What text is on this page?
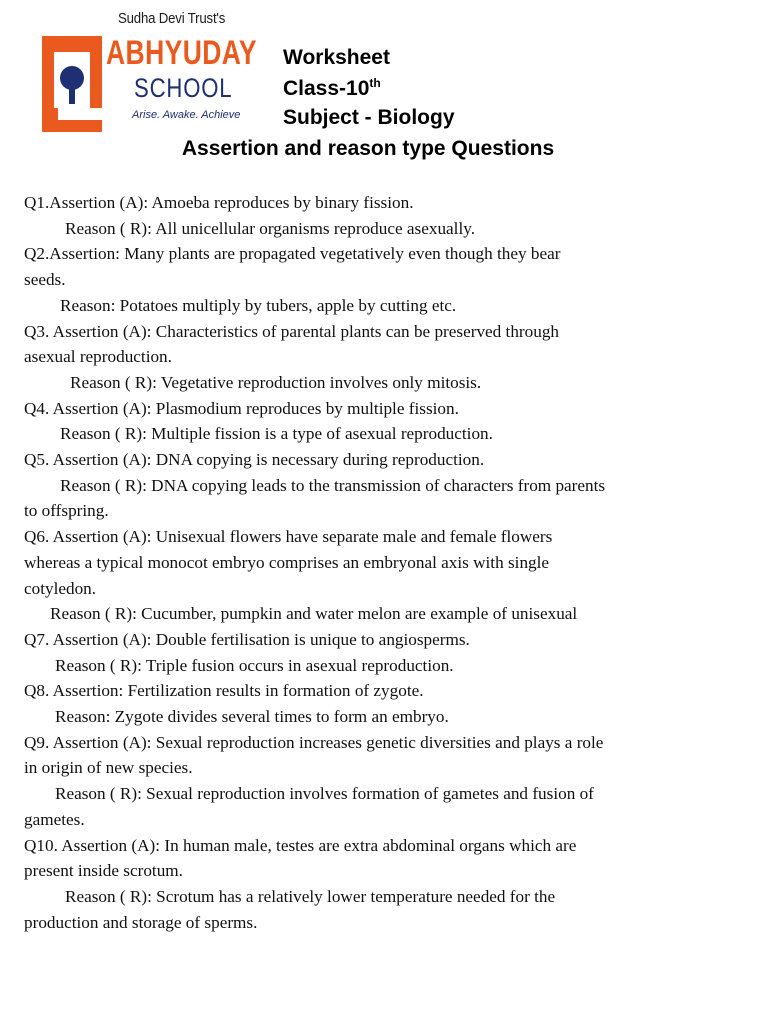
Sudha Devi Trust's
ABHYUDAY
SCHOOL
Arise. Awake. Achieve
Worksheet
Class-10th
Subject - Biology
Assertion and reason type Questions

Q1.Assertion (A): Amoeba reproduces by binary fission.

Reason ( R): All unicellular organisms reproduce asexually.

Q2.Assertion: Many plants are propagated vegetatively even though they bear

seeds.

Reason: Potatoes multiply by tubers, apple by cutting etc.

Q3. Assertion (A): Characteristics of parental plants can be preserved through

asexual reproduction.

Reason ( R): Vegetative reproduction involves only mitosis.

Q4. Assertion (A): Plasmodium reproduces by multiple fission.

Reason ( R): Multiple fission is a type of asexual reproduction.

Q5. Assertion (A): DNA copying is necessary during reproduction.

Reason ( R): DNA copying leads to the transmission of characters from parents

to offspring.

Q6. Assertion (A): Unisexual flowers have separate male and female flowers

whereas a typical monocot embryo comprises an embryonal axis with single

cotyledon.

Reason ( R): Cucumber, pumpkin and water melon are example of unisexual

Q7. Assertion (A): Double fertilisation is unique to angiosperms.

Reason ( R): Triple fusion occurs in asexual reproduction.

Q8. Assertion: Fertilization results in formation of zygote.

Reason: Zygote divides several times to form an embryo.

Q9. Assertion (A): Sexual reproduction increases genetic diversities and plays a role

in origin of new species.

Reason ( R): Sexual reproduction involves formation of gametes and fusion of

gametes.

Q10. Assertion (A): In human male, testes are extra abdominal organs which are

present inside scrotum.

Reason ( R): Scrotum has a relatively lower temperature needed for the

production and storage of sperms.
